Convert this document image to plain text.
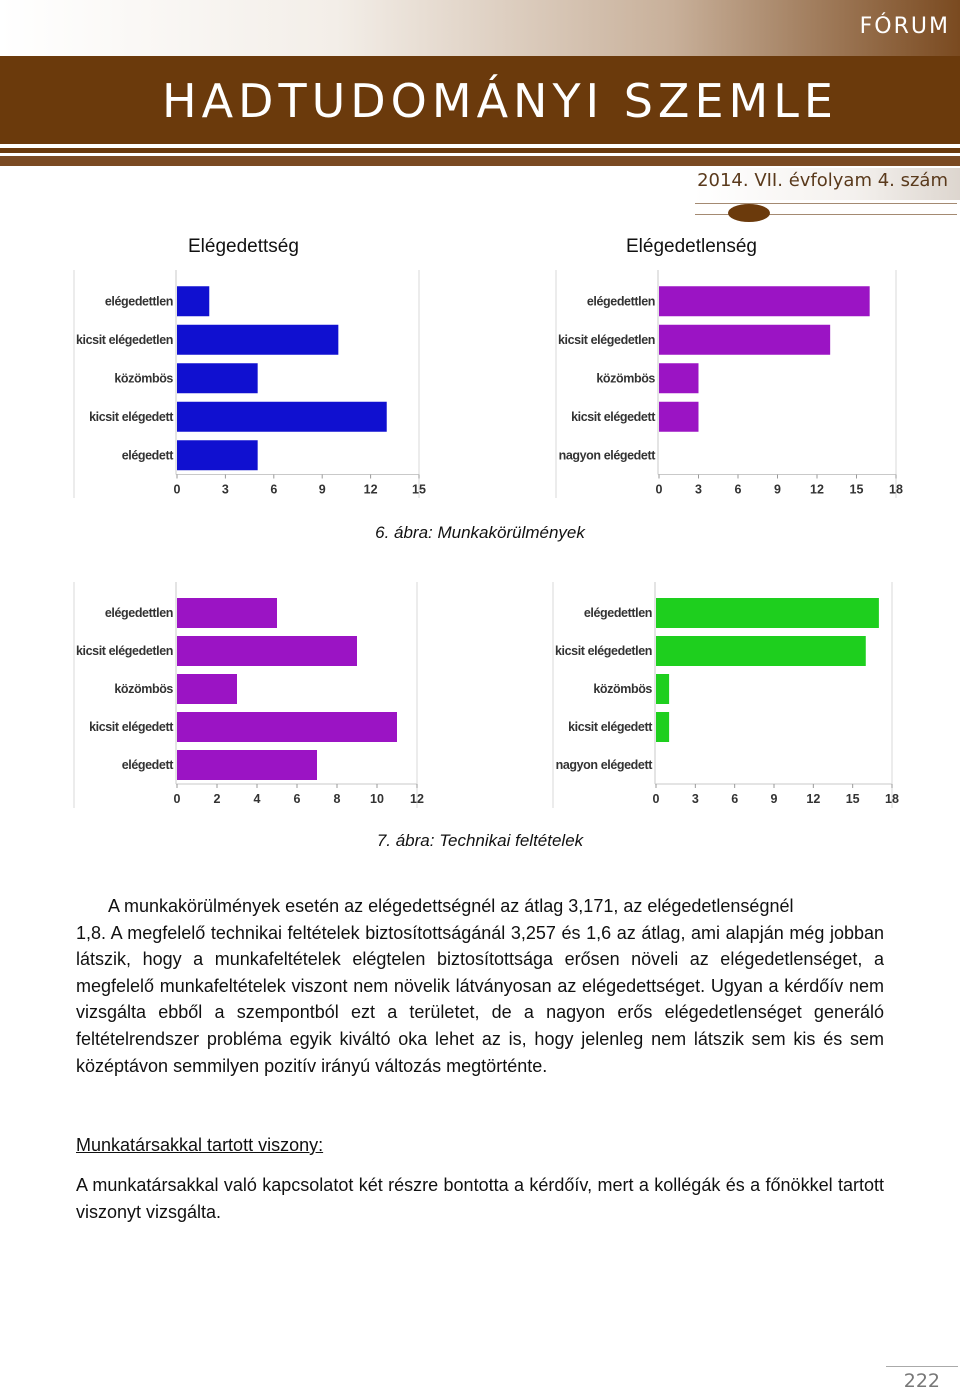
FÓRUM
HADTUDOMÁNYI SZEMLE
2014. VII. évfolyam 4. szám
Elégedettség	Elégedetlenség
elégedettlen
kicsit elégedetlen
közömbös
kicsit elégedett
elégedett
0	3	6	9	12	15
elégedettlen
kicsit elégedetlen
közömbös
kicsit elégedett
nagyon elégedett
0	3	6	9 12 15 18
6. ábra: Munkakörülmények
elégedettlen
kicsit elégedetlen
közömbös
kicsit elégedett
elégedett
0	2	4	6	8 10 12
elégedettlen
kicsit elégedetlen
közömbös
kicsit elégedett
nagyon elégedett
0	3	6	9 12 15 18
7. ábra: Technikai feltételek
A munkakörülmények esetén az elégedettségnél az átlag 3,171, az elégedetlenségnél
1,8. A megfelelő technikai feltételek biztosítottságánál 3,257 és 1,6 az átlag, ami alapján még jobban látszik, hogy a munkafeltételek elégtelen biztosítottsága erősen növeli az elégedetlenséget, a megfelelő munkafeltételek viszont nem növelik látványosan az elégedettséget. Ugyan a kérdőív nem vizsgálta ebből a szempontból ezt a területet, de a nagyon erős elégedetlenséget generáló feltételrendszer probléma egyik kiváltó oka lehet az is, hogy jelenleg nem látszik sem kis és sem középtávon semmilyen pozitív irányú változás megtörténte.
Munkatársakkal tartott viszony:
A munkatársakkal való kapcsolatot két részre bontotta a kérdőív, mert a kollégák és a főnökkel tartott viszonyt vizsgálta.
222
